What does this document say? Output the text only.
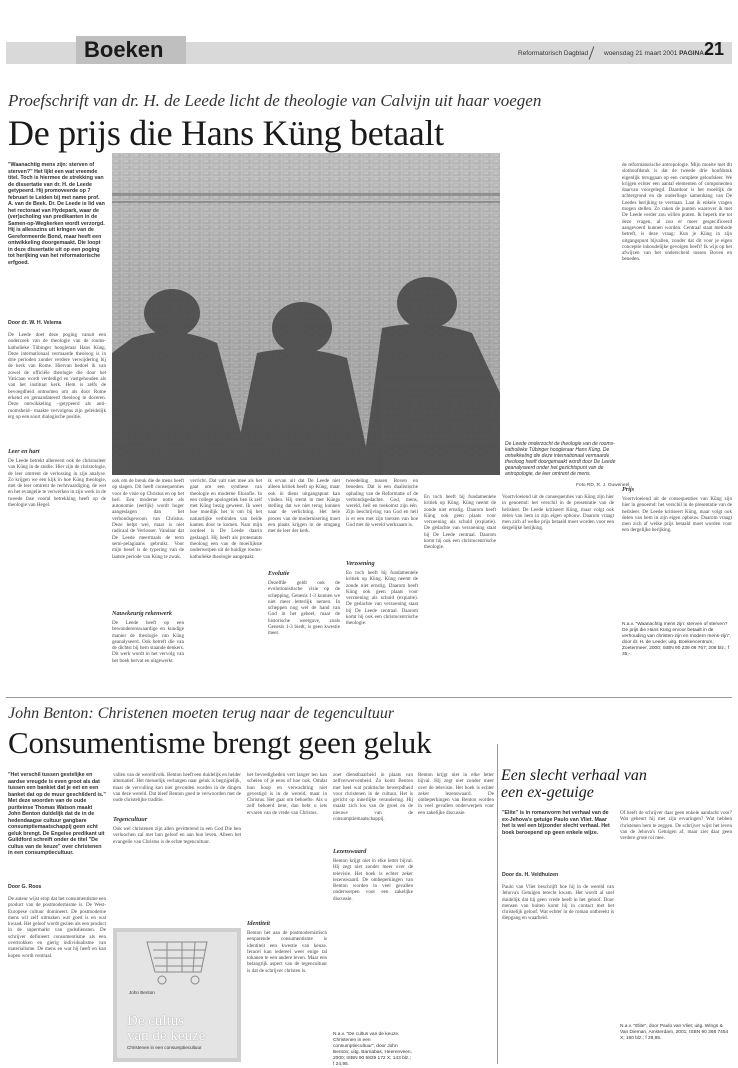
Boeken	Reformatorisch Dagblad woensdag 21 maart 2001 PAGINA 21
Proefschrift van dr. H. de Leede licht de theologie van Calvijn uit haar voegen
De prijs die Hans Küng betaalt
"Waanachtig mens zijn: sterven of sterven?" Het lijkt een wat vreemde titel. Toch is hiermee de strekking van de dissertatie van dr. H. de Leede getypeerd. Hij promoveerde op 7 februari te Leiden bij met name prof. A. van de Beek. Dr. De Leede is lid van het rectoraat van Hydepark, waar de (ver)scholing van predikanten in de Samen-op-Wegkerken wordt verzorgd. Hij is allesszins uit kringen van de Gereformeerde Bond, maar heeft een ontwikkeling doorgemaakt. Die loopt in deze dissertatie uit op een poging tot herijking van het reformatorische erfgoed.
Door dr. W. H. Velema
De Leede doet deze poging vanuit een onderzoek van de theologie van de rooms-katholieke Tübinger hoogleraar Hans Küng. Deze internationaal vermaarde theoloog is in drie perioden zonder verdere verwijdering bij de kerk van Rome. Hiervan bedoel ik van zowel de officiële theologie die door het Vaticaan wordt verdedigd en vastgehouden als van het instituut kerk. Hem is zelfs de bevoegdheid ontnomen om als door Rome erkend en gemandateerd theoloog te doceren. Deze ontwikkeling –getypeerd als anti-roomsheid– maakte vervolgens zijn geleidelijk erg op een soort dialogische positie.
Leer en hart
De Leede betrekt allereerst ook de christusleer van Küng in de studie. Hier zijn de christologie, de leer omtrent de verlossing in zijn analyse. Zo krijgen we een kijk in hoe Küng theologie, met de leer omtrent de rechtvaardiging, de wet en het evangelie te verwerken in zijn werk in de tweede fase vooral betrekking heeft op de theologie van Hegel.
ook om de breuk die de mens heeft op slagen. Dit heeft consequenties voor de visie op Christus en op het heil. Een moderne notie als autonomie (eerlijk) wordt hoger aangeslagen dan het verbondsgewoon van Christus. Deze helpt wel, maar is niet radicaal de Verlosser. Vandaar dat De Leede meermaals de term semi-pelagiaans gebruikt. Voor mijn besef is de typering van de laatste periode van Küng te zwak.
Nauwkeurig rekenwerk
De Leede heeft op een bewonderenswaardige en kundige manier de theologie van Küng geanalyseerd. Ook betreft die van de dichtst bij hem staande denkers. Dit werk wordt in het vervolg van het boek hervat en uitgewerkt.
verricht. Dat valt niet mee als het gaat om een synthese van theologie en moderne filosofie. In een college apologetiek ben ik zelf met Küng bezig geweest. Ik weet hoe moeilijk het is om bij het natuurlijke verbinden van beide kanten door te komen. Naar mijn oordeel is De Leede daarin geslaagd. Hij heeft als protestants theoloog een van de moeilijkste onderwerpen uit de huidige rooms-katholieke theologie aangepakt.
ik ervan uit dat De Leede niet alleen kritiek heeft op Küng, maar ook in diens uitgangspunt kan vinden. Hij stemt in met Küngs stelling dat we niet terug kunnen naar de verlichting. Het hele proces van de modernisering moet een plaats krijgen in de omgang met de leer der kerk.
Evolutie
Dezelfde geldt ook de evolutionistische visie op de schepping, Genesis 1-3 kunnen we niet meer letterlijk nemen. In scheppen nog wel de hand van God in het geheel, maar de historische weergave, zoals Genesis 1-3 biedt, is geen kwestie meer.
tweedeling tussen Boven en beneden. Dat is een dualistische ophaling van de Reformatie of de verbondsgedachte. God, mens, wereld, heil en toekomst zijn één. Zijn beschrijving van God en heil is er een met zijn toetsen van hoe God met de wereld werkzaam is.
Verzoening
En toch heeft hij fundamentele kritiek op Küng. Küng neemt de zonde niet ernstig. Daarom heeft Küng ook geen plaats voor verzoening als schuld (expiatie). De gedachte van verzoening staat bij De Leede centraal. Daarom komt hij ook een christocentrische theologie.
De Leede onderzocht de theologie van de rooms-katholieke Tübinger hoogleraar Hans Küng. De ontwikkeling die deze internationaal vermaarde theoloog heeft doorgemaakt wordt door De Leede geanalyseerd onder het gezichtspunt van de antropologie, de leer omtrent de mens.
Foto RD, R. J. Ouweneel
En toch heeft hij fundamentele kritiek op Küng. Küng neemt de zonde niet ernstig. Daarom heeft Küng ook geen plaats voor verzoening als schuld (expiatie). De gedachte van verzoening staat bij De Leede centraal. Daarom komt hij ook een christocentrische theologie.
de reformatorische antropologie. Mijn moeite met dit slothoofdstuk is dat de tweede drie hoofdstuk eigenlijk teruggaan op een complete geloofsleer. We krijgen echter een aantal elementen of componenten daarvan voorgelegd. Daardoor is het moeilijk de achtergrond en de onderlinge samenhang van De Leedes herijking te verstaan. Laat ik enkele vragen mogen stellen. Zo raken de punten waarover ik met De Leede verder zou willen praten. Ik beperk me tot deze vragen, al zou er meer gespecificeerd aangevoerd kunnen worden. Centraal staat methode betreft, is deze vraag: Kun je Küng in zijn uitgangspunt bijvallen, zonder dat dit voor je eigen conceptie inhoudelijke gevolgen heeft? Ik wijs op het afwijzen van het onderscheid tussen Boven en beneden.
Prijs
Voortvloeiend uit de consequenties van Küng zijn hier in genoemd: het verschil in de presentatie van de heilsleer. De Leede kritiseert Küng, maar volgt ook delen van hem in zijn eigen opbouw. Daarom vraagt men zich af welke prijs betaald moet worden voor een dergelijke herijking.
Voortvloeiend uit de consequenties van Küng zijn hier in genoemd: het verschil in de presentatie van de heilsleer. De Leede kritiseert Küng, maar volgt ook delen van hem in zijn eigen opbouw. Daarom vraagt men zich af welke prijs betaald moet worden voor een dergelijke herijking.
N.a.v. "Waanachtig mens zijn: sterven of sterven? De prijs die Hans Küng ervoor betaalt in de verhouding van christen-zijn en modern mens-zijn", door dr. H. de Leede; uitg. Boekencentrum, Zoetermeer, 2000; ISBN 90 239 08 767; 208 blz.; f 35,-.
John Benton: Christenen moeten terug naar de tegencultuur
Consumentisme brengt geen geluk
"Het verschil tussen gestelijke en aardse vreugde is even groot als dat tussen een bankiet dat je eet en een banket dat op de muur geschilderd is." Met deze woorden van de oude puriteinse Thomas Watson maakt John Benton duidelijk dat de in de hedendaagse cultuur gangbare consumptiemaatschappij geen echt geluk brengt. De Engelse predikant uit Guildford schreift onder de titel "De cultus van de keuze" over christenen in een consumptiecultuur.
Door G. Roos
De auteur wijst erop dat het consumentisme een product van de postmodernisme is. De West-Europese cultuur domineert. De postmoderne mens wil zelf uitmaken wat goed is en wat kwaad. Het geloof wordt gezien als een product in de supermarkt van godsdiensten. De schrijver definieert consumentisme als een overtrokken en gierig individualisme van materialisme. De mens en wat hij heeft en kan kopen wordt centraal.
vallen van de wereldvolk. Benton heeft een duidelijk en helder alternatief. Het menselijk verlangen naar geluk is begrijpelijk, maar de vervulling kan niet gevonden worden in de dingen van deze wereld. Dat bleef Benton goed te verwoorden met de oude christelijke traditie.
Tegencultuur
Ook wel christenen zijn allen gevitterend in een God Die hen verloochen zal met hun geloof en aan hun leven. Alleen het evangelie van Christus is de echte tegencultuur.
John Benton
De cultus
van de keuze
Christenen in een consumptiecultuur
het bevredigheden vert langer ten kan scheien of je eens of hoe ook. Omdat hun hoop en verwachting niet gevestigd is in de wereld, maar in Christus. Het gaat om behoefte. Als u zelf behoerd bent, dan hebt u iets ervaren van de vrede van Christus.
Identiteit
Benton het aan de postmodernistisch eenparende consumentisme is identiteit een kwestie van keuze. Ieracel kan iedereel weer enige tal tokanen te een andere leven. Maar een belangrijk aspect van de tegencultuur is dat de schrijver christen is.
zoet dienstbaarheid in plaats van zelfverwervenheid. Zo komt Benton met heel wat praktische bewerpdheid voor christenen in de cultuur. Het is gericht op innerlijke verandering. Hij maakt zich los van de groei en de nieuwe van de consumptiemaatschappij.
Lezenswaard
Benton krijgt niet in elke letter bijval. Hij zegt niet zonder meer over de televisie. Het boek is echter zeker lezenswaard. De ombeperkingen van Benton worden in veel gevallen onderwerpen voor een zakelijke discussie.
N.a.v. "De cultus van de keuze. Christenen in een consumptiecultuur", door John Benton; uitg. Barnabas, Heerenveen, 2000; ISBN 90 5829 172 X; 143 blz.; f 24,95.
Benton krijgt niet in elke letter bijval. Hij zegt niet zonder meer over de televisie. Het boek is echter zeker lezenswaard. De ombeperkingen van Benton worden in veel gevallen onderwerpen voor een zakelijke discussie.
Een slecht verhaal van
een ex-getuige
"Elite" is in romanvorm het verhaal van de ex-Jehova's getuige Paulo van Vliet. Maar het is wel een bijzonder slecht verhaal. Het boek beroepend op geen enkele wijze.
Door ds. H. Veldhuizen
Paulo van Vliet beschrijft hoe hij in de wereld van Jehova's Getuigen terecht kwam. Het wordt al snel duidelijk dat hij geen vrede heeft in het geloof. Door mensen van buiten komt hij in contact met het christelijk geloof. Wat echter in de roman ontbreekt is diepgang en waarheid.
Of heeft de schrijver daar geen enkele aandacht voor? Wat gebeurt hij met zijn ervaringen? Wat hebben christenen hem te zeggen. De schrijver wijst het leven van de Jehova's Getuigen af, maar ziet daar geen verdere grote rol mee.
N.a.v. "Elite", door Paulo van Vliet; uitg. Wings & Van Dieman, Amsterdam, 2001; ISBN 90 368 7454 X; 160 blz.; f 29,95.
